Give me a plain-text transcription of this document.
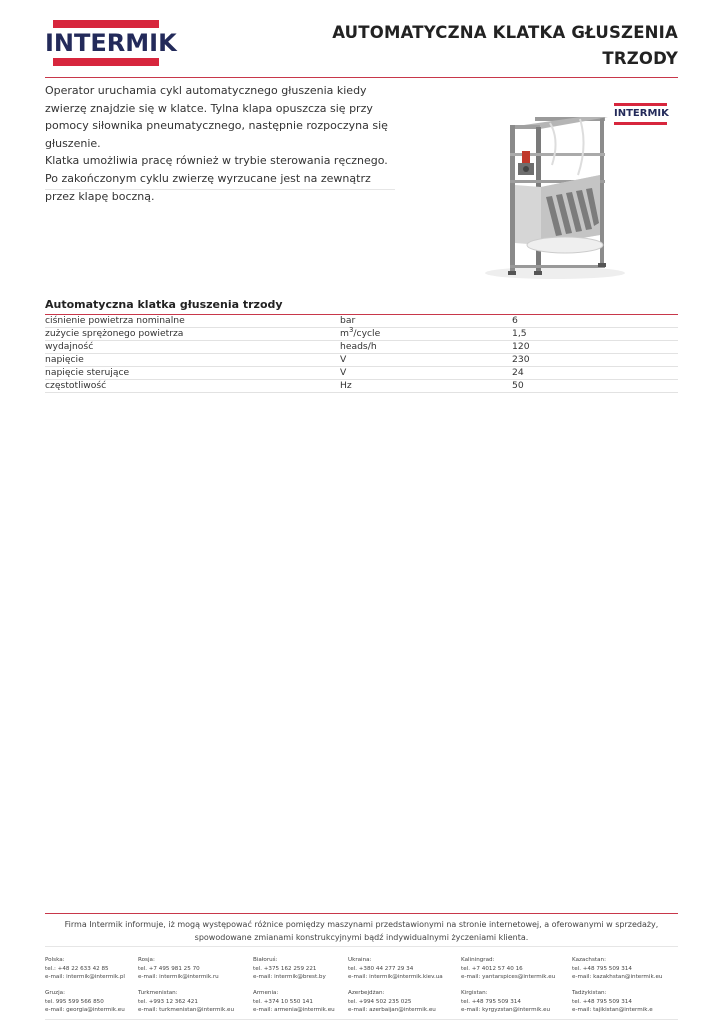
INTERMIK	AUTOMATYCZNA KLATKA GŁUSZENIA
TRZODY

Operator uruchamia cykl automatycznego głuszenia kiedy zwierzę znajdzie się w klatce. Tylna klapa opuszcza się przy pomocy siłownika pneumatycznego, następnie rozpoczyna się głuszenie.

Klatka umożliwia pracę również w trybie sterowania ręcznego.

Po zakończonym cyklu zwierzę wyrzucane jest na zewnątrz przez klapę boczną.

INTERMIK
Automatyczna klatka głuszenia trzody
ciśnienie powietrza nominalne	bar	6
zużycie sprężonego powietrza	$m^3$/cycle	1,5
wydajność	heads/h	120
napięcie	V	230
napięcie sterujące	V	24
częstotliwość	Hz	50
Firma Intermik informuje, iż mogą występować różnice pomiędzy maszynami przedstawionymi na stronie internetowej, a oferowanymi w sprzedaży, spowodowane zmianami konstrukcyjnymi bądź indywidualnymi życzeniami klienta.
Polska:
tel.: +48 22 633 42 85
e-mail: intermik@intermik.pl
Rosja:
tel. +7 495 981 25 70
e-mail: intermik@intermik.ru
Białoruś:
tel. +375 162 259 221
e-mail: intermik@brest.by
Ukraina:
tel. +380 44 277 29 34
e-mail: intermik@intermik.kiev.ua
Kaliningrad:
tel. +7 4012 57 40 16
e-mail: yantarspices@intermik.eu
Kazachstan:
tel. +48 795 509 314
e-mail: kazakhstan@intermik.eu
Gruzja:
tel. 995 599 566 850
e-mail: georgia@intermik.eu
Turkmenistan:
tel. +993 12 362 421
e-mail: turkmenistan@intermik.eu
Armenia:
tel. +374 10 550 141
e-mail: armenia@intermik.eu
Azerbejdżan:
tel. +994 502 235 025
e-mail: azerbaijan@intermik.eu
Kirgistan:
tel. +48 795 509 314
e-mail: kyrgyzstan@intermik.eu
Tadżykistan:
tel. +48 795 509 314
e-mail: tajikistan@intermik.e
